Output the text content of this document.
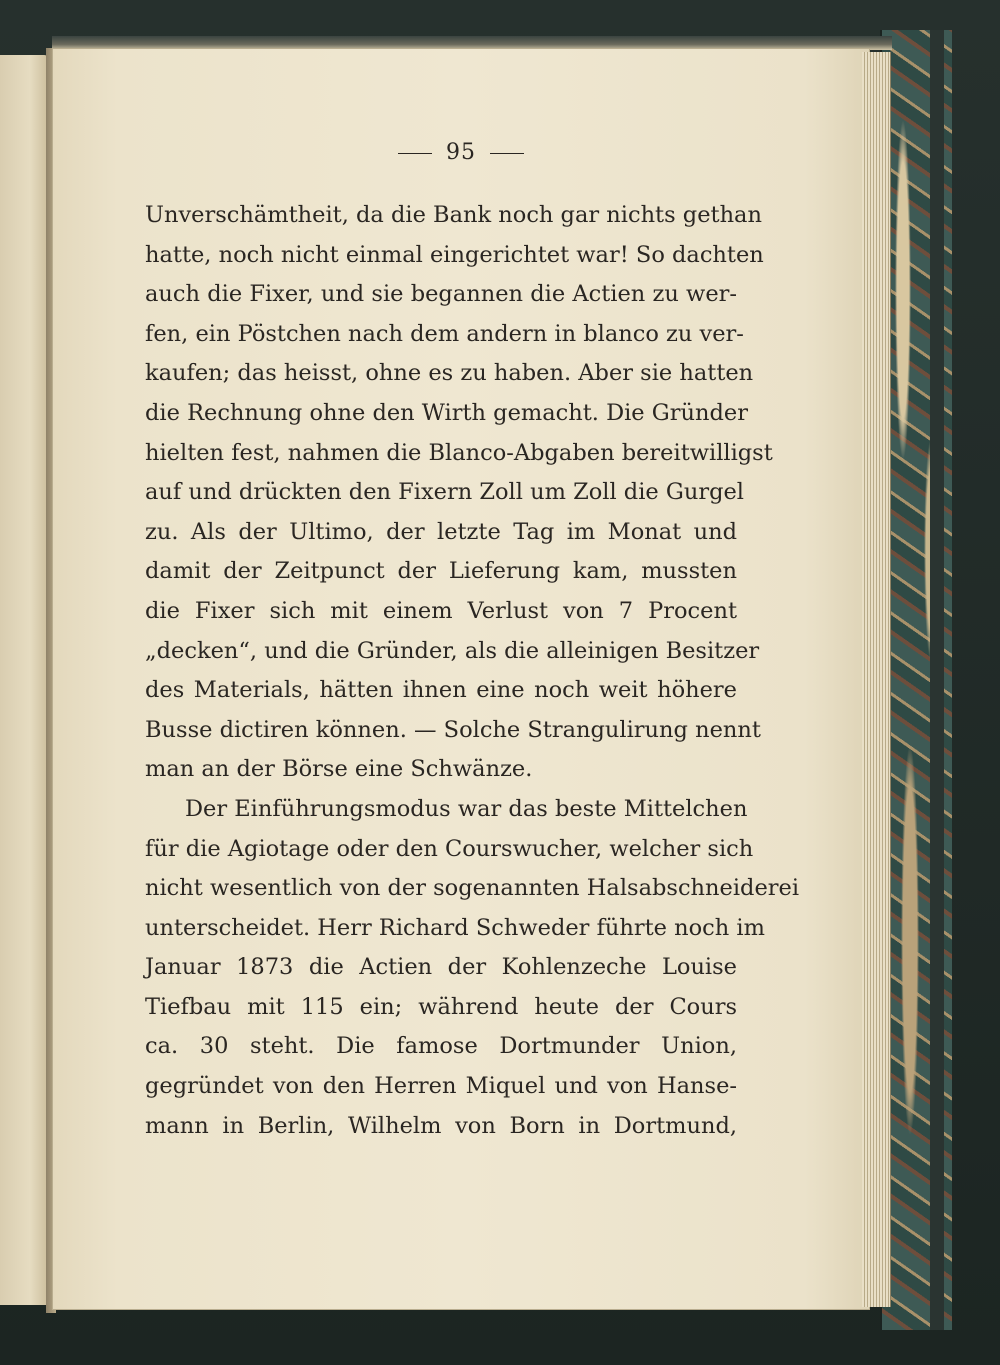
95
Unverschämtheit, da die Bank noch gar nichts gethan
hatte, noch nicht einmal eingerichtet war! So dachten
auch die Fixer, und sie begannen die Actien zu wer-
fen, ein Pöstchen nach dem andern in blanco zu ver-
kaufen; das heisst, ohne es zu haben. Aber sie hatten
die Rechnung ohne den Wirth gemacht. Die Gründer
hielten fest, nahmen die Blanco-Abgaben bereitwilligst
auf und drückten den Fixern Zoll um Zoll die Gurgel
zu. Als der Ultimo, der letzte Tag im Monat und
damit der Zeitpunct der Lieferung kam, mussten
die Fixer sich mit einem Verlust von 7 Procent
„decken“, und die Gründer, als die alleinigen Besitzer
des Materials, hätten ihnen eine noch weit höhere
Busse dictiren können. — Solche Strangulirung nennt
man an der Börse eine Schwänze.
Der Einführungsmodus war das beste Mittelchen
für die Agiotage oder den Courswucher, welcher sich
nicht wesentlich von der sogenannten Halsabschneiderei
unterscheidet. Herr Richard Schweder führte noch im
Januar 1873 die Actien der Kohlenzeche Louise
Tiefbau mit 115 ein; während heute der Cours
ca. 30 steht. Die famose Dortmunder Union,
gegründet von den Herren Miquel und von Hanse-
mann in Berlin, Wilhelm von Born in Dortmund,
